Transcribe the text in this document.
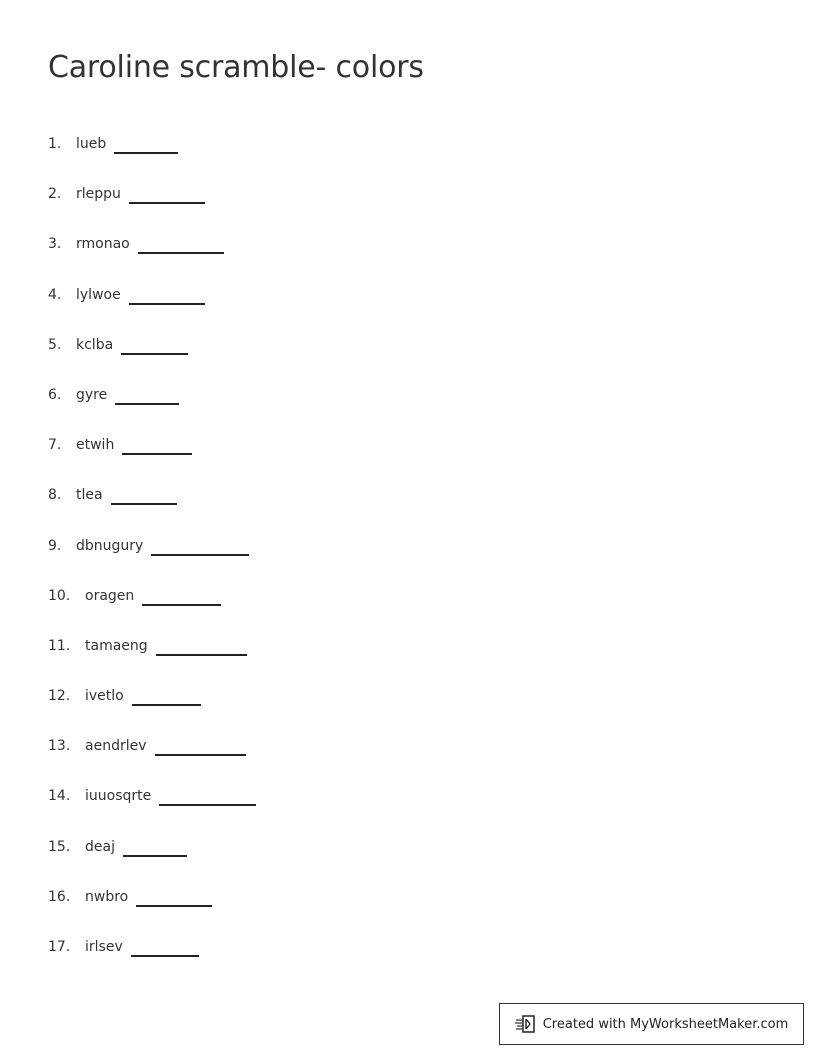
Caroline scramble- colors
1.	lueb
2.	rleppu
3.	rmonao
4.	lylwoe
5.	kclba
6.	gyre
7.	etwih
8.	tlea
9.	dbnugury
10.	oragen
11.	tamaeng
12.	ivetlo
13.	aendrlev
14.	iuuosqrte
15.	deaj
16.	nwbro
17.	irlsev
Created with MyWorksheetMaker.com
